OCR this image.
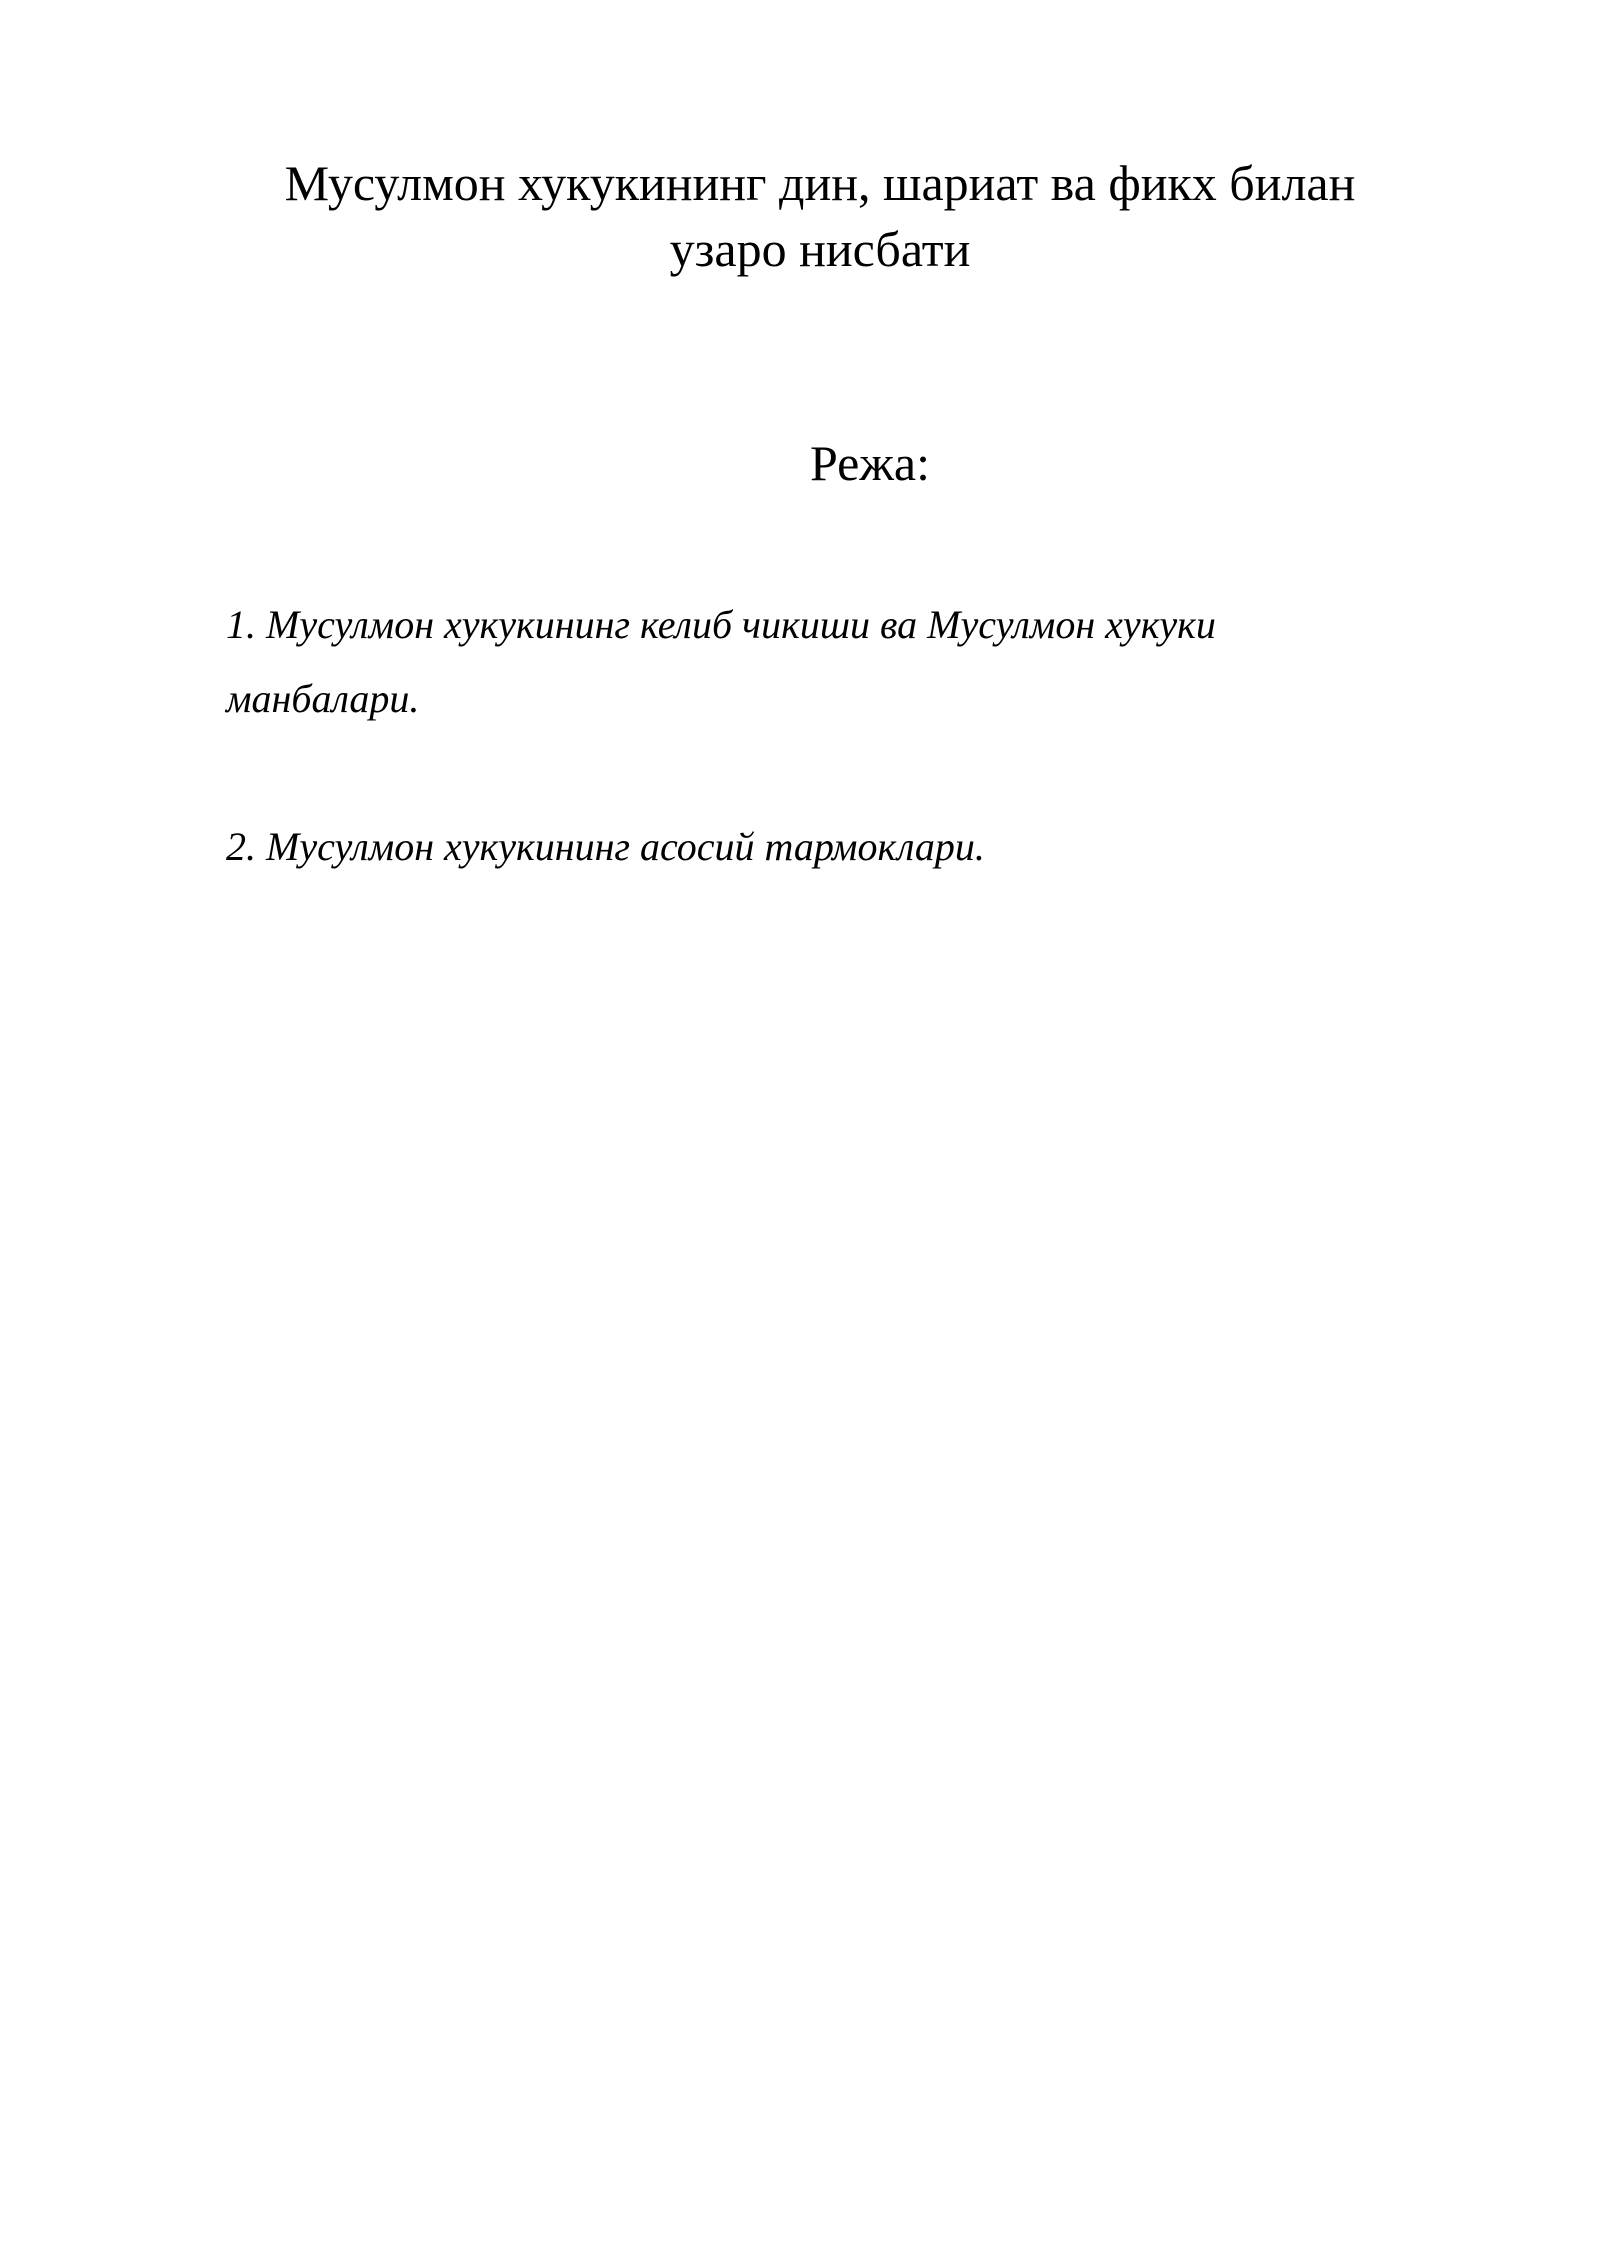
Мусулмон хукукининг дин, шариат ва фикх билан узаро нисбати
Режа:
1. Мусулмон хукукининг келиб чикиши ва Мусулмон хукуки манбалари.
2. Мусулмон хукукининг асосий тармоклари.
